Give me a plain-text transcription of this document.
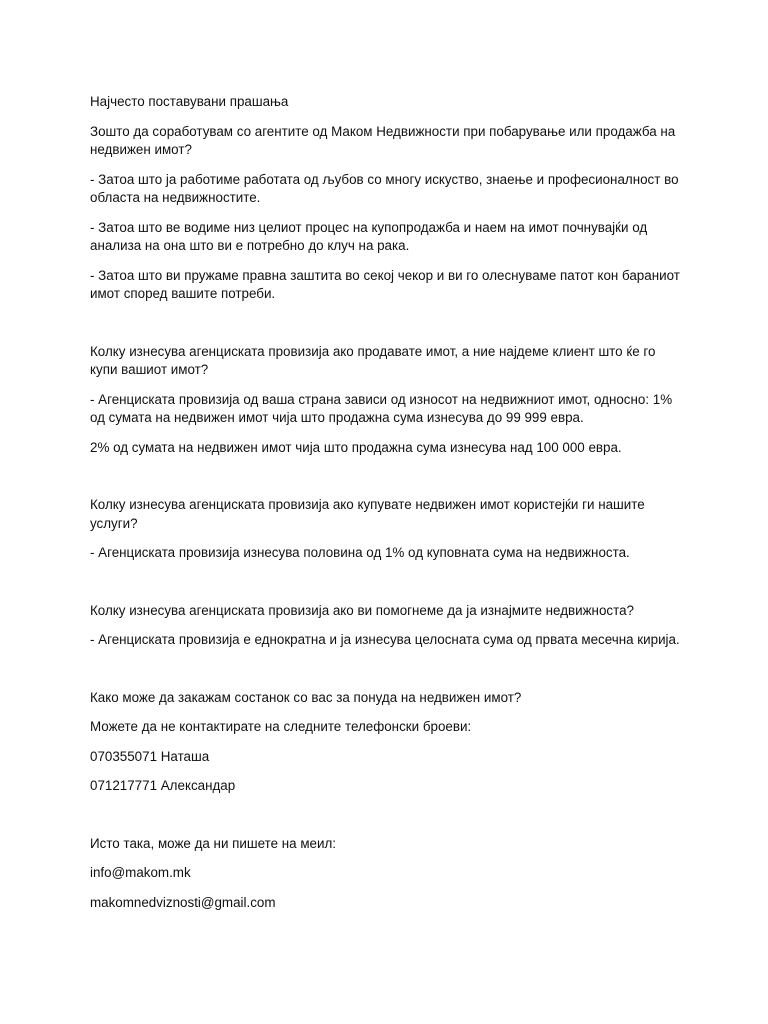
Најчесто поставувани прашања

Зошто да соработувам со агентите од Маком Недвижности при побарување или продажба на недвижен имот?

- Затоа што ја работиме работата од љубов со многу искуство, знаење и професионалност во областа на недвижностите.

- Затоа што ве водиме низ целиот процес на купопродажба и наем на имот почнувајќи од анализа на она што ви е потребно до клуч на рака.

- Затоа што ви пружаме правна заштита во секој чекор и ви го олеснуваме патот кон бараниот имот според вашите потреби.

Колку изнесува агенциската провизија ако продавате имот, а ние најдеме клиент што ќе го купи вашиот имот?

- Агенциската провизија од ваша страна зависи од износот на недвижниот имот, односно: 1% од сумата на недвижен имот чија што продажна сума изнесува до 99 999 евра.

2% од сумата на недвижен имот чија што продажна сума изнесува над 100 000 евра.

Колку изнесува агенциската провизија ако купувате недвижен имот користејќи ги нашите услуги?

- Агенциската провизија изнесува половина од 1% од куповната сума на недвижноста.

Колку изнесува агенциската провизија ако ви помогнеме да ја изнајмите недвижноста?

- Агенциската провизија е еднократна и ја изнесува целосната сума од првата месечна кирија.

Како може да закажам состанок со вас за понуда на недвижен имот?

Можете да не контактирате на следните телефонски броеви:

070355071 Наташа

071217771 Александар

Исто така, може да ни пишете на меил:

info@makom.mk

makomnedviznosti@gmail.com
